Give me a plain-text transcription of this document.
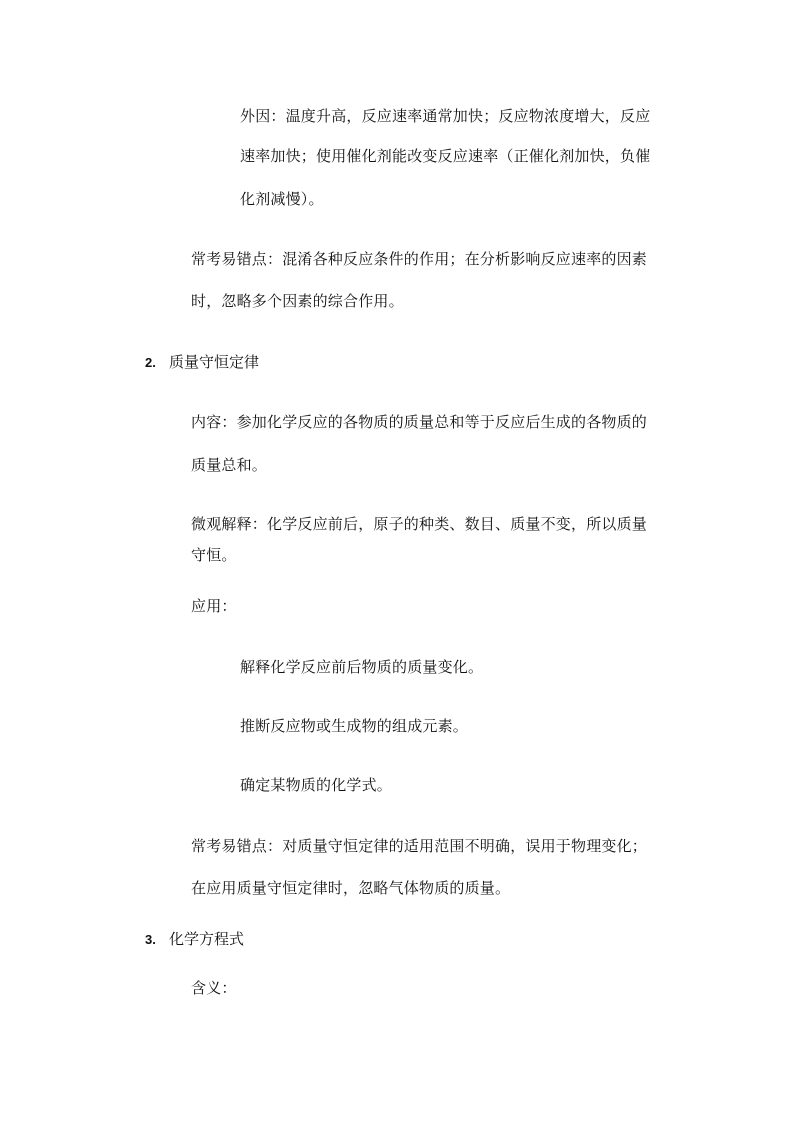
外因：温度升高，反应速率通常加快；反应物浓度增大，反应
速率加快；使用催化剂能改变反应速率（正催化剂加快，负催
化剂减慢）。
常考易错点：混淆各种反应条件的作用；在分析影响反应速率的因素
时，忽略多个因素的综合作用。
2. 质量守恒定律
内容：参加化学反应的各物质的质量总和等于反应后生成的各物质的
质量总和。
微观解释：化学反应前后，原子的种类、数目、质量不变，所以质量
守恒。
应用：
解释化学反应前后物质的质量变化。
推断反应物或生成物的组成元素。
确定某物质的化学式。
常考易错点：对质量守恒定律的适用范围不明确，误用于物理变化；
在应用质量守恒定律时，忽略气体物质的质量。
3. 化学方程式
含义：
